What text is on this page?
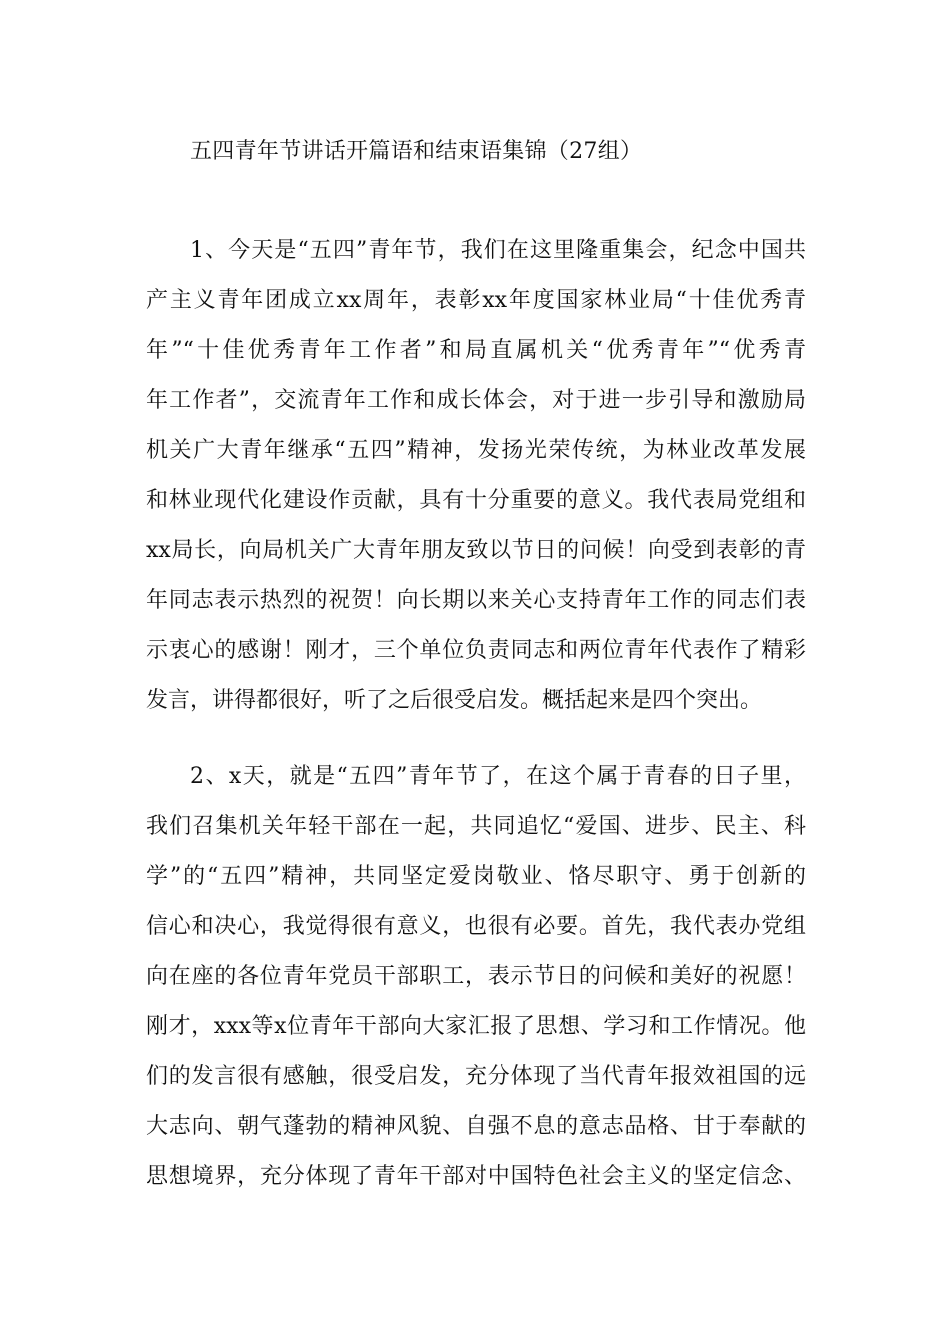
五四青年节讲话开篇语和结束语集锦（27组）
1、今天是“五四”青年节，我们在这里隆重集会，纪念中国共
产主义青年团成立xx周年，表彰xx年度国家林业局“十佳优秀青
年”“十佳优秀青年工作者”和局直属机关“优秀青年”“优秀青
年工作者”，交流青年工作和成长体会，对于进一步引导和激励局
机关广大青年继承“五四”精神，发扬光荣传统，为林业改革发展
和林业现代化建设作贡献，具有十分重要的意义。我代表局党组和
xx局长，向局机关广大青年朋友致以节日的问候！向受到表彰的青
年同志表示热烈的祝贺！向长期以来关心支持青年工作的同志们表
示衷心的感谢！刚才，三个单位负责同志和两位青年代表作了精彩
发言，讲得都很好，听了之后很受启发。概括起来是四个突出。
2、x天，就是“五四”青年节了，在这个属于青春的日子里，
我们召集机关年轻干部在一起，共同追忆“爱国、进步、民主、科
学”的“五四”精神，共同坚定爱岗敬业、恪尽职守、勇于创新的
信心和决心，我觉得很有意义，也很有必要。首先，我代表办党组
向在座的各位青年党员干部职工，表示节日的问候和美好的祝愿！
刚才，xxx等x位青年干部向大家汇报了思想、学习和工作情况。他
们的发言很有感触，很受启发，充分体现了当代青年报效祖国的远
大志向、朝气蓬勃的精神风貌、自强不息的意志品格、甘于奉献的
思想境界，充分体现了青年干部对中国特色社会主义的坚定信念、
